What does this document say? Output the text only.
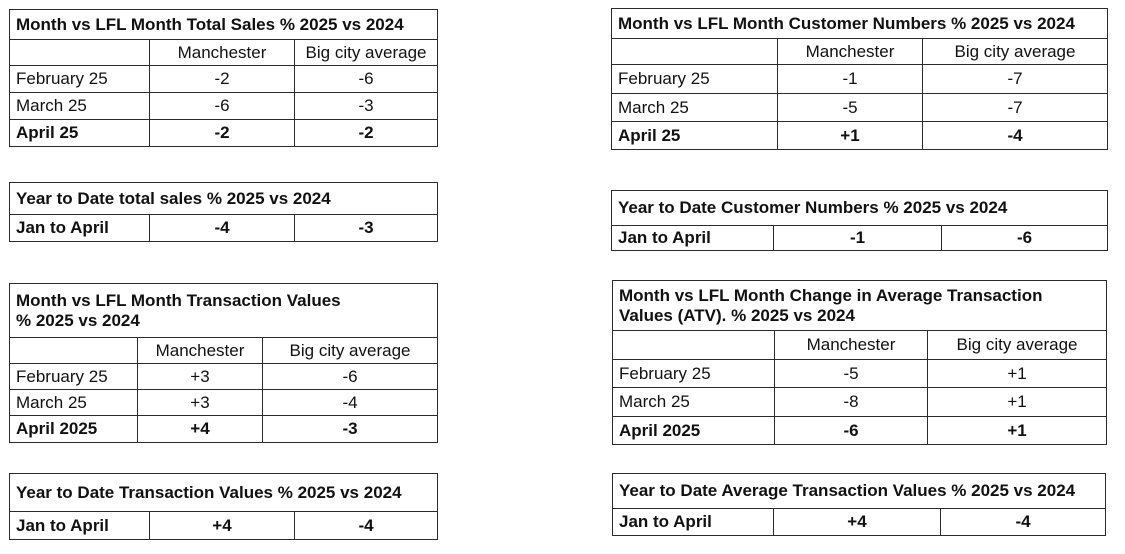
Month vs LFL Month Total Sales % 2025 vs 2024		
	Manchester	Big city average
February 25	-2	-6
March 25	-6	-3
April 25	-2	-2
Year to Date total sales % 2025 vs 2024
Jan to April	-4	-3
Month vs LFL Month Transaction Values
% 2025 vs 2024		
	Manchester	Big city average
February 25	+3	-6
March 25	+3	-4
April 2025	+4	-3
Year to Date Transaction Values % 2025 vs 2024
Jan to April	+4	-4
Month vs LFL Month Customer Numbers % 2025 vs 2024		
	Manchester	Big city average
February 25	-1	-7
March 25	-5	-7
April 25	+1	-4
Year to Date Customer Numbers % 2025 vs 2024
Jan to April	-1	-6
Month vs LFL Month Change in Average Transaction Values (ATV). % 2025 vs 2024		
	Manchester	Big city average
February 25	-5	+1
March 25	-8	+1
April 2025	-6	+1
Year to Date Average Transaction Values % 2025 vs 2024
Jan to April	+4	-4
